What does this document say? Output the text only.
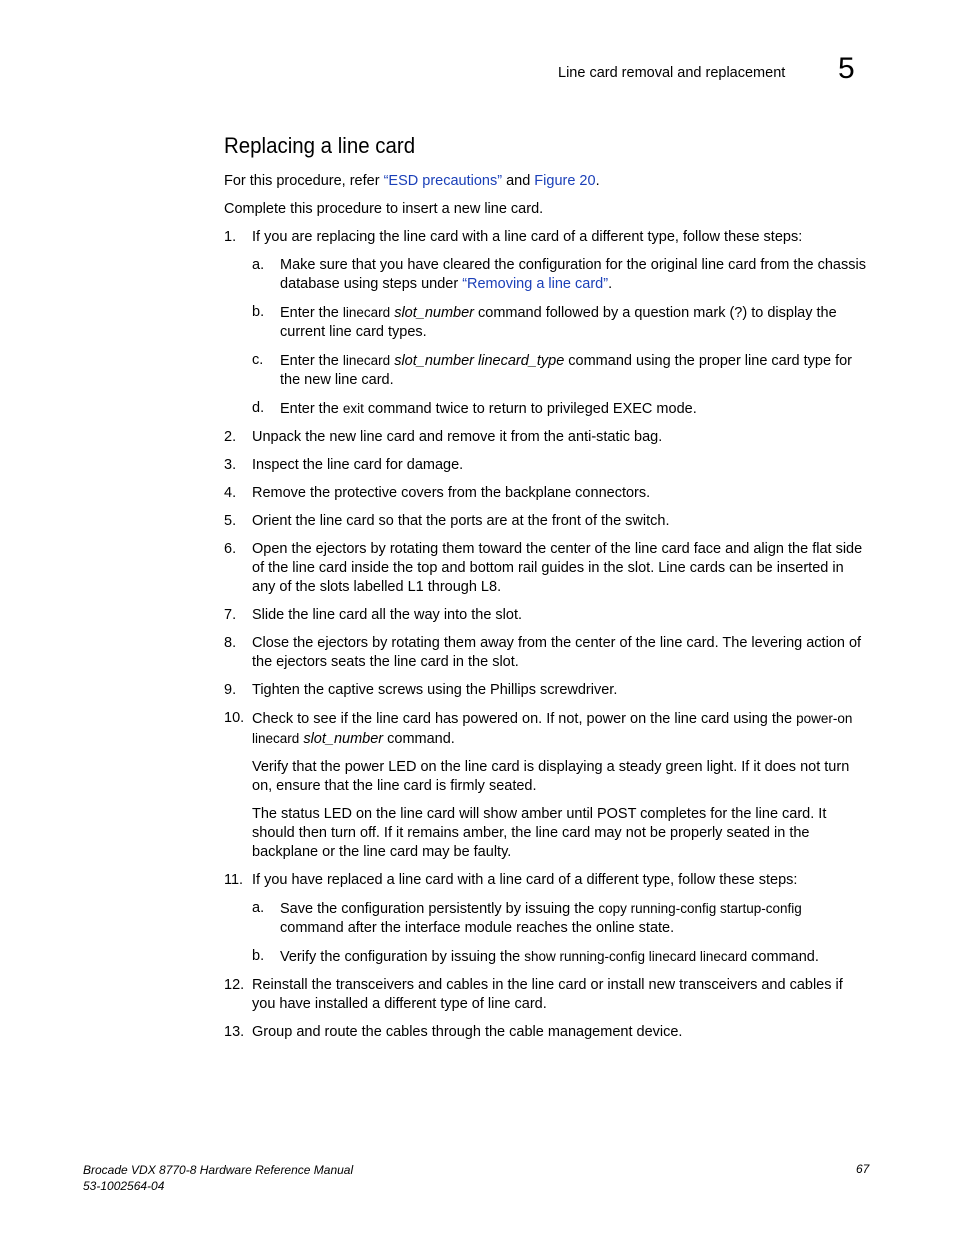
Line card removal and replacement 5
Replacing a line card

For this procedure, refer “ESD precautions” and Figure 20.

Complete this procedure to insert a new line card.

1. If you are replacing the line card with a line card of a different type, follow these steps:
a. Make sure that you have cleared the configuration for the original line card from the chassis database using steps under “Removing a line card”.
b. Enter the linecard slot_number command followed by a question mark (?) to display the current line card types.
c. Enter the linecard slot_number linecard_type command using the proper line card type for the new line card.
d. Enter the exit command twice to return to privileged EXEC mode.
2. Unpack the new line card and remove it from the anti-static bag.
3. Inspect the line card for damage.
4. Remove the protective covers from the backplane connectors.
5. Orient the line card so that the ports are at the front of the switch.
6. Open the ejectors by rotating them toward the center of the line card face and align the flat side of the line card inside the top and bottom rail guides in the slot. Line cards can be inserted in any of the slots labelled L1 through L8.
7. Slide the line card all the way into the slot.
8. Close the ejectors by rotating them away from the center of the line card. The levering action of the ejectors seats the line card in the slot.
9. Tighten the captive screws using the Phillips screwdriver.
10. Check to see if the line card has powered on. If not, power on the line card using the power-on linecard slot_number command.
Verify that the power LED on the line card is displaying a steady green light. If it does not turn on, ensure that the line card is firmly seated.
The status LED on the line card will show amber until POST completes for the line card. It should then turn off. If it remains amber, the line card may not be properly seated in the backplane or the line card may be faulty.
11. If you have replaced a line card with a line card of a different type, follow these steps:
a. Save the configuration persistently by issuing the copy running-config startup-config command after the interface module reaches the online state.
b. Verify the configuration by issuing the show running-config linecard linecard command.
12. Reinstall the transceivers and cables in the line card or install new transceivers and cables if you have installed a different type of line card.
13. Group and route the cables through the cable management device.
Brocade VDX 8770-8 Hardware Reference Manual
53-1002564-04
67
